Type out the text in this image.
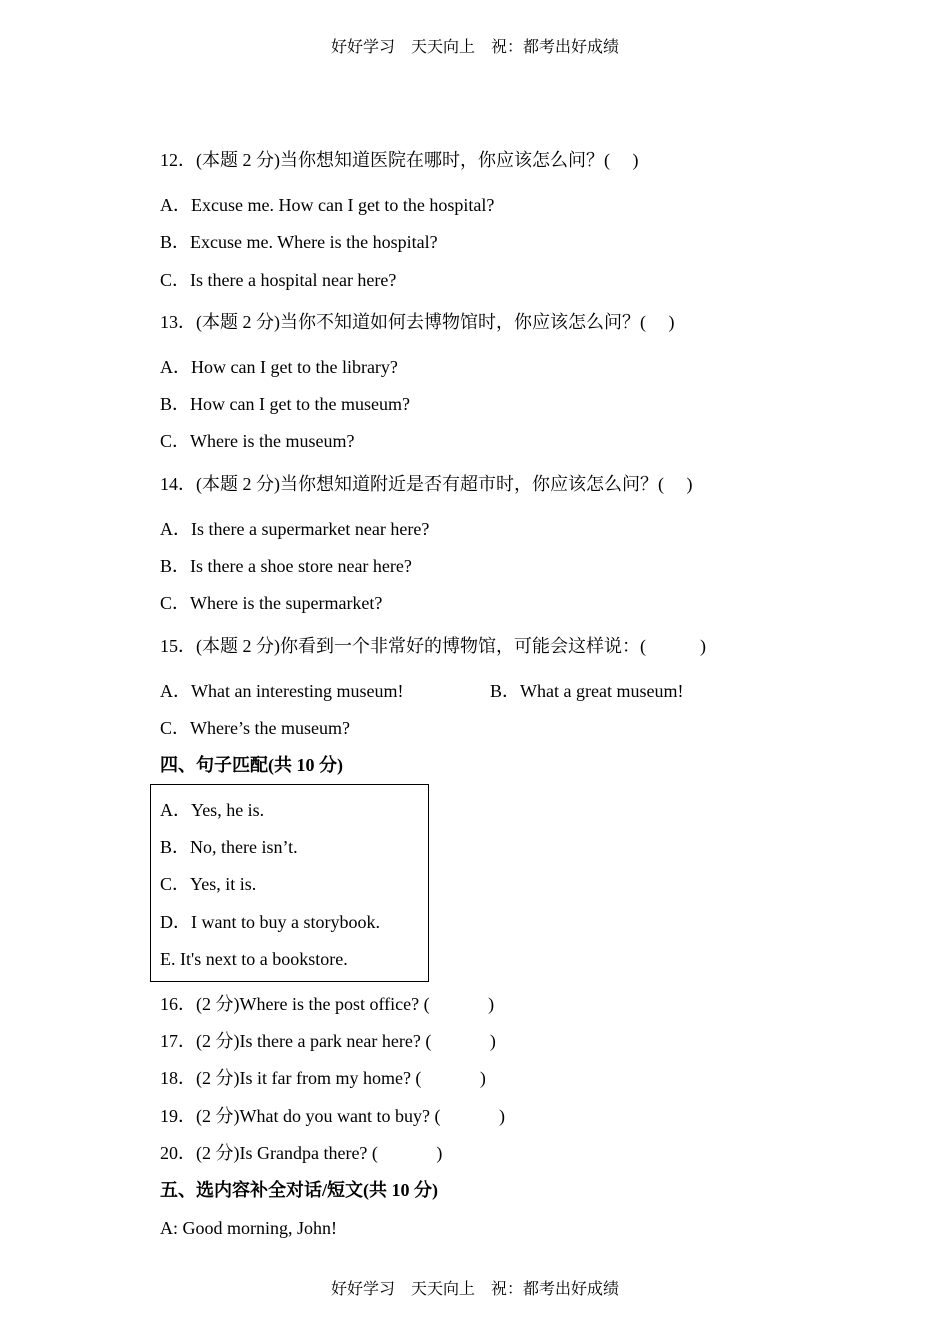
好好学习　天天向上　祝：都考出好成绩
12．(本题 2 分)当你想知道医院在哪时，你应该怎么问？(     )
A．Excuse me. How can I get to the hospital?
B．Excuse me. Where is the hospital?
C．Is there a hospital near here?
13．(本题 2 分)当你不知道如何去博物馆时，你应该怎么问？(     )
A．How can I get to the library?
B．How can I get to the museum?
C．Where is the museum?
14．(本题 2 分)当你想知道附近是否有超市时，你应该怎么问？(     )
A．Is there a supermarket near here?
B．Is there a shoe store near here?
C．Where is the supermarket?
15．(本题 2 分)你看到一个非常好的博物馆，可能会这样说：(            )
A．What an interesting museum!	B．What a great museum!
C．Where’s the museum?
四、句子匹配(共 10 分)
A．Yes, he is.
B．No, there isn’t.
C．Yes, it is.
D．I want to buy a storybook.
E. It's next to a bookstore.
16．(2 分)Where is the post office? (             )
17．(2 分)Is there a park near here? (             )
18．(2 分)Is it far from my home? (             )
19．(2 分)What do you want to buy? (             )
20．(2 分)Is Grandpa there? (             )
五、选内容补全对话/短文(共 10 分)
A: Good morning, John!
好好学习　天天向上　祝：都考出好成绩
